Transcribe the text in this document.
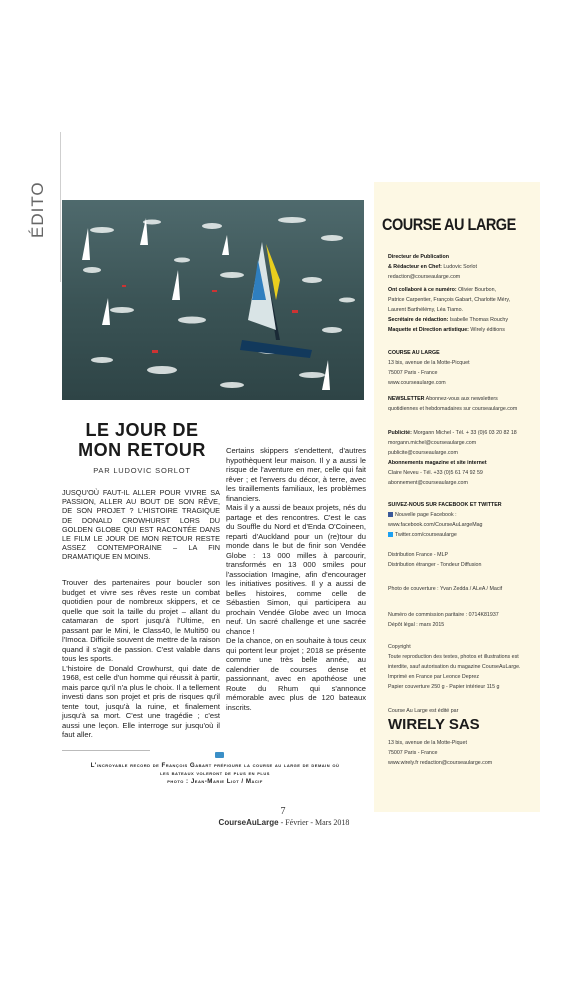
ÉDITO
LE JOUR DE
MON RETOUR
PAR LUDOVIC SORLOT
JUSQU'OÙ FAUT-IL ALLER POUR VIVRE SA PASSION, ALLER AU BOUT DE SON RÊVE, DE SON PROJET ? L'HISTOIRE TRAGIQUE DE DONALD CROWHURST LORS DU GOLDEN GLOBE QUI EST RACONTÉE DANS LE FILM LE JOUR DE MON RETOUR RESTE ASSEZ CONTEMPORAINE – LA FIN DRAMATIQUE EN MOINS.

Trouver des partenaires pour boucler son budget et vivre ses rêves reste un combat quotidien pour de nombreux skippers, et ce quelle que soit la taille du projet – allant du catamaran de sport jusqu'à l'Ultime, en passant par le Mini, le Class40, le Multi50 ou l'Imoca. Difficile souvent de mettre de la raison quand il s'agit de passion. C'est valable dans tous les sports.

L'histoire de Donald Crowhurst, qui date de 1968, est celle d'un homme qui réussit à partir, mais parce qu'il n'a plus le choix. Il a tellement investi dans son projet et pris de risques qu'il tente tout, jusqu'à la ruine, et finalement jusqu'à sa mort. C'est une tragédie ; c'est aussi une leçon. Elle interroge sur jusqu'où il faut aller.

Certains skippers s'endettent, d'autres hypothèquent leur maison. Il y a aussi le risque de l'aventure en mer, celle qui fait rêver ; et l'envers du décor, à terre, avec les tiraillements familiaux, les problèmes financiers.

Mais il y a aussi de beaux projets, nés du partage et des rencontres. C'est le cas du Souffle du Nord et d'Enda O'Coineen, reparti d'Auckland pour un (re)tour du monde dans le but de finir son Vendée Globe : 13 000 milles à parcourir, transformés en 13 000 smiles pour l'association Imagine, afin d'encourager les initiatives positives. Il y a aussi de belles histoires, comme celle de Sébastien Simon, qui participera au prochain Vendée Globe avec un Imoca neuf. Un sacré challenge et une sacrée chance !

De la chance, on en souhaite à tous ceux qui portent leur projet ; 2018 se présente comme une très belle année, au calendrier de courses dense et passionnant, avec en apothéose une Route du Rhum qui s'annonce mémorable avec plus de 120 bateaux inscrits.

L'incroyable record de François Gabart préfigure la course au large de demain où
les bateaux voleront de plus en plus
photo : Jean-Marie Liot / Macif
7
CourseAuLarge - Février - Mars 2018
COURSE AU LARGE
Directeur de Publication
& Rédacteur en Chef: Ludovic Sorlot
redaction@courseaularge.com
Ont collaboré à ce numéro: Olivier Bourbon,
Patrice Carpentier, François Gabart, Charlotte Méry,
Laurent Barthélémy, Léa Tiamo.
Secrétaire de rédaction: Isabelle Thomas Rouchy
Maquette et Direction artistique: Wirely éditions
COURSE AU LARGE
13 bis, avenue de la Motte-Picquet
75007 Paris - France
www.courseaularge.com
NEWSLETTER Abonnez-vous aux newsletters
quotidiennes et hebdomadaires sur courseaularge.com
Publicité: Morgann Michel - Tél. + 33 (0)6 03 20 82 18
morgann.michel@courseaularge.com
publicite@courseaularge.com
Abonnements magazine et site internet
Claire Neveu - Tél. +33 (0)5 61 74 92 59
abonnement@courseaularge.com
SUIVEZ-NOUS SUR FACEBOOK ET TWITTER
Nouvelle page Facebook :
www.facebook.com/CourseAuLargeMag
Twitter.com/courseaularge
Distribution France - MLP
Distribution étranger - Tondeur Diffusion
Photo de couverture : Yvan Zedda / ALeA / Macif
Numéro de commission paritaire : 0714K81937
Dépôt légal : mars 2015
Copyright
Toute reproduction des textes, photos et illustrations est
interdite, sauf autorisation du magazine CourseAuLarge.
Imprimé en France par Leonce Deprez
Papier couverture 250 g - Papier intérieur 115 g
Course Au Large est édité par
13 bis, avenue de la Motte-Piquet
75007 Paris - France
www.wirely.fr redaction@courseaularge.com
WIRELY SAS
